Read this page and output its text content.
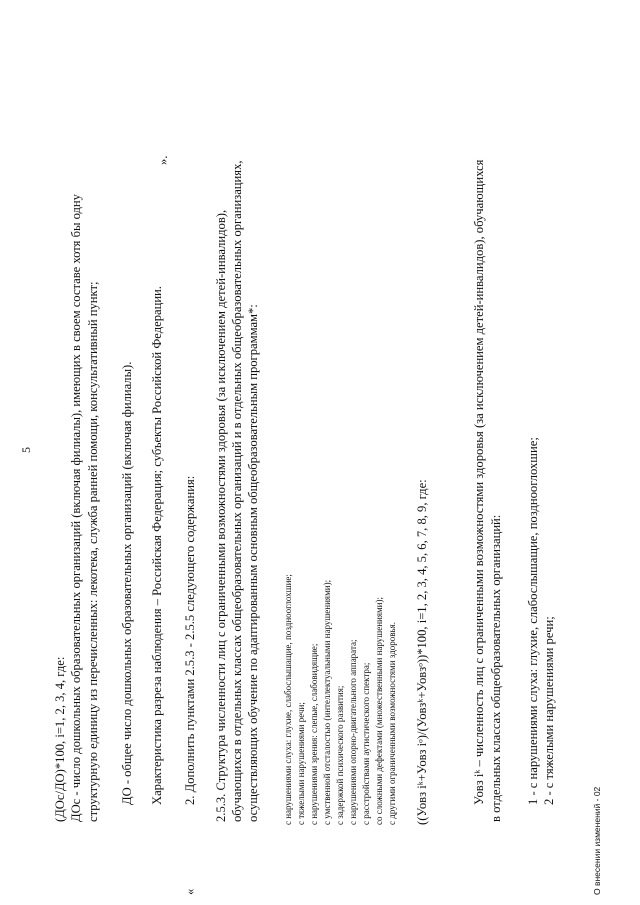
5
(ДОс/ДО)*100, i=1, 2, 3, 4, где: ДОс - число дошкольных образовательных организаций (включая филиалы), имеющих в своем составе хотя бы одну структурную единицу из перечисленных: лекотека, служба ранней помощи, консультативный пункт; ДО - общее число дошкольных образовательных организаций (включая филиалы). Характеристика разреза наблюдения – Российская Федерация; субъекты Российской Федерации.
».
«
2. Дополнить пунктами 2.5.3 - 2.5.5 следующего содержания: 2.5.3. Структура численности лиц с ограниченными возможностями здоровья (за исключением детей-инвалидов), обучающихся в отдельных классах общеобразовательных организаций и в отдельных общеобразовательных организациях, осуществляющих обучение по адаптированным основным общеобразовательным программам*:	с нарушениями слуха: глухие, слабослышащие, позднооглохшие; с тяжелыми нарушениями речи; с нарушениями зрения: слепые, слабовидящие; с умственной отсталостью (интеллектуальными нарушениями); с задержкой психического развития; с нарушениями опорно-двигательного аппарата; с расстройствами аутистического спектра; со сложными дефектами (множественными нарушениями); с другими ограниченными возможностями здоровья. ((Уовз iᵏ+Уовз iᵒ)/(Уовзᵏ+Уовзᵒ))*100, i=1, 2, 3, 4, 5, 6, 7, 8, 9, где:	Уовз iᵏ – численность лиц с ограниченными возможностями здоровья (за исключением детей-инвалидов), обучающихся в отдельных классах общеобразовательных организаций: 1 - с нарушениями слуха: глухие, слабослышащие, позднооглохшие; 2 - с тяжелыми нарушениями речи;
О внесении изменений - 02
